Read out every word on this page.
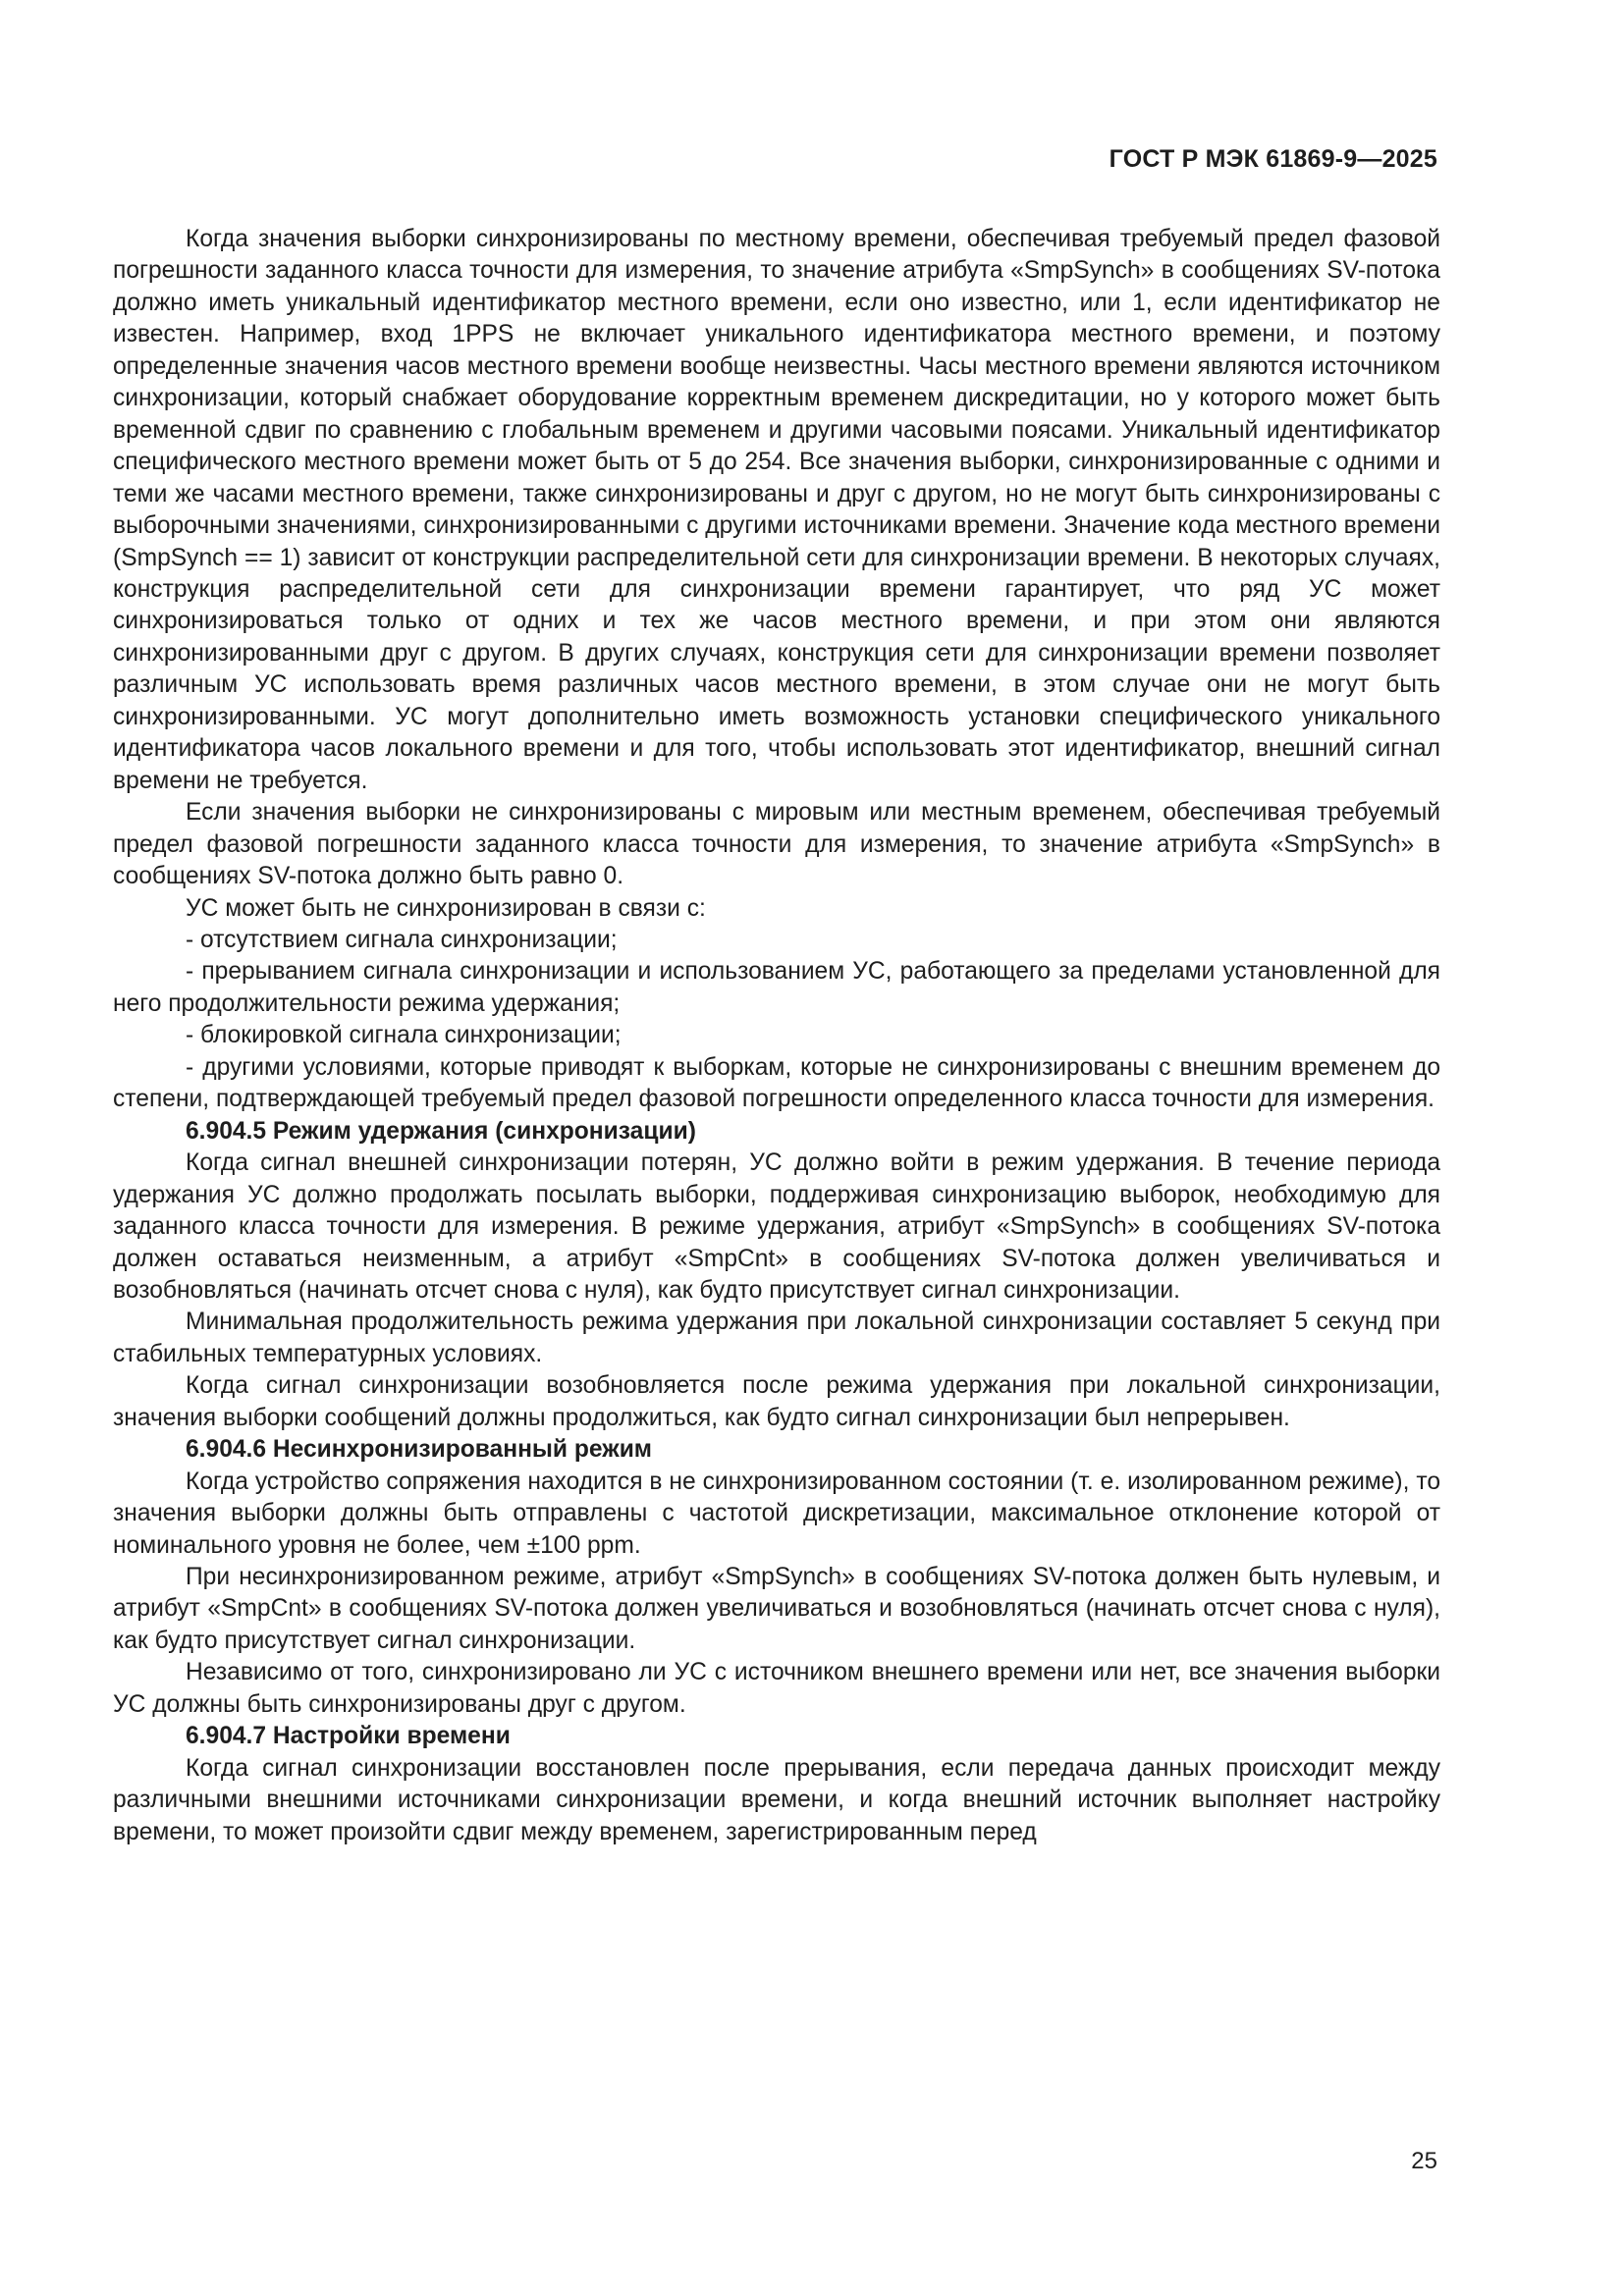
ГОСТ Р МЭК 61869-9—2025

Когда значения выборки синхронизированы по местному времени, обеспечивая требуемый предел фазовой погрешности заданного класса точности для измерения, то значение атрибута «SmpSynch» в сообщениях SV-потока должно иметь уникальный идентификатор местного времени, если оно известно, или 1, если идентификатор не известен. Например, вход 1PPS не включает уникального идентификатора местного времени, и поэтому определенные значения часов местного времени вообще неизвестны. Часы местного времени являются источником синхронизации, который снабжает оборудование корректным временем дискредитации, но у которого может быть временной сдвиг по сравнению с глобальным временем и другими часовыми поясами. Уникальный идентификатор специфического местного времени может быть от 5 до 254. Все значения выборки, синхронизированные с одними и теми же часами местного времени, также синхронизированы и друг с другом, но не могут быть синхронизированы с выборочными значениями, синхронизированными с другими источниками времени. Значение кода местного времени (SmpSynch == 1) зависит от конструкции распределительной сети для синхронизации времени. В некоторых случаях, конструкция распределительной сети для синхронизации времени гарантирует, что ряд УС может синхронизироваться только от одних и тех же часов местного времени, и при этом они являются синхронизированными друг с другом. В других случаях, конструкция сети для синхронизации времени позволяет различным УС использовать время различных часов местного времени, в этом случае они не могут быть синхронизированными. УС могут дополнительно иметь возможность установки специфического уникального идентификатора часов локального времени и для того, чтобы использовать этот идентификатор, внешний сигнал времени не требуется.

Если значения выборки не синхронизированы с мировым или местным временем, обеспечивая требуемый предел фазовой погрешности заданного класса точности для измерения, то значение атрибута «SmpSynch» в сообщениях SV-потока должно быть равно 0.

УС может быть не синхронизирован в связи с:

- отсутствием сигнала синхронизации;

- прерыванием сигнала синхронизации и использованием УС, работающего за пределами установленной для него продолжительности режима удержания;

- блокировкой сигнала синхронизации;

- другими условиями, которые приводят к выборкам, которые не синхронизированы с внешним временем до степени, подтверждающей требуемый предел фазовой погрешности определенного класса точности для измерения.

6.904.5 Режим удержания (синхронизации)

Когда сигнал внешней синхронизации потерян, УС должно войти в режим удержания. В течение периода удержания УС должно продолжать посылать выборки, поддерживая синхронизацию выборок, необходимую для заданного класса точности для измерения. В режиме удержания, атрибут «SmpSynch» в сообщениях SV-потока должен оставаться неизменным, а атрибут «SmpCnt» в сообщениях SV-потока должен увеличиваться и возобновляться (начинать отсчет снова с нуля), как будто присутствует сигнал синхронизации.

Минимальная продолжительность режима удержания при локальной синхронизации составляет 5 секунд при стабильных температурных условиях.

Когда сигнал синхронизации возобновляется после режима удержания при локальной синхронизации, значения выборки сообщений должны продолжиться, как будто сигнал синхронизации был непрерывен.

6.904.6 Несинхронизированный режим

Когда устройство сопряжения находится в не синхронизированном состоянии (т. е. изолированном режиме), то значения выборки должны быть отправлены с частотой дискретизации, максимальное отклонение которой от номинального уровня не более, чем ±100 ppm.

При несинхронизированном режиме, атрибут «SmpSynch» в сообщениях SV-потока должен быть нулевым, и атрибут «SmpCnt» в сообщениях SV-потока должен увеличиваться и возобновляться (начинать отсчет снова с нуля), как будто присутствует сигнал синхронизации.

Независимо от того, синхронизировано ли УС с источником внешнего времени или нет, все значения выборки УС должны быть синхронизированы друг с другом.

6.904.7 Настройки времени

Когда сигнал синхронизации восстановлен после прерывания, если передача данных происходит между различными внешними источниками синхронизации времени, и когда внешний источник выполняет настройку времени, то может произойти сдвиг между временем, зарегистрированным перед

25
